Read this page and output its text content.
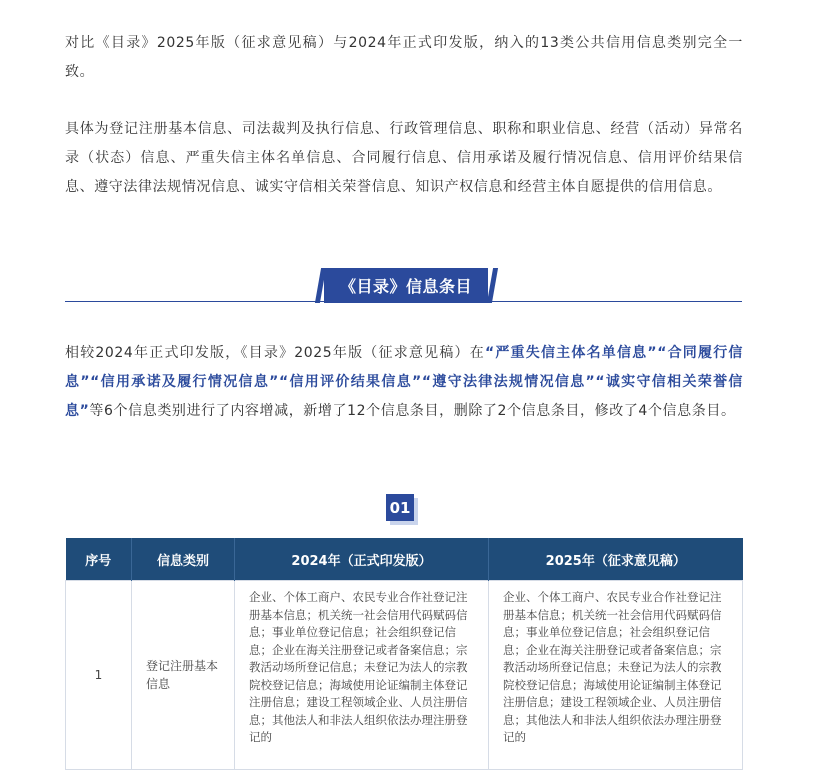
对比《目录》2025年版（征求意见稿）与2024年正式印发版，纳入的13类公共信用信息类别完全一致。

具体为登记注册基本信息、司法裁判及执行信息、行政管理信息、职称和职业信息、经营（活动）异常名录（状态）信息、严重失信主体名单信息、合同履行信息、信用承诺及履行情况信息、信用评价结果信息、遵守法律法规情况信息、诚实守信相关荣誉信息、知识产权信息和经营主体自愿提供的信用信息。

《目录》信息条目

相较2024年正式印发版，《目录》2025年版（征求意见稿）在“严重失信主体名单信息”“合同履行信息”“信用承诺及履行情况信息”“信用评价结果信息”“遵守法律法规情况信息”“诚实守信相关荣誉信息”等6个信息类别进行了内容增减，新增了12个信息条目，删除了2个信息条目，修改了4个信息条目。

01
序号	信息类别	2024年（正式印发版）	2025年（征求意见稿）
1	登记注册基本信息	企业、个体工商户、农民专业合作社登记注册基本信息；机关统一社会信用代码赋码信息；事业单位登记信息；社会组织登记信息；企业在海关注册登记或者备案信息；宗教活动场所登记信息；未登记为法人的宗教院校登记信息；海域使用论证编制主体登记注册信息；建设工程领域企业、人员注册信息；其他法人和非法人组织依法办理注册登记的	企业、个体工商户、农民专业合作社登记注册基本信息；机关统一社会信用代码赋码信息；事业单位登记信息；社会组织登记信息；企业在海关注册登记或者备案信息；宗教活动场所登记信息；未登记为法人的宗教院校登记信息；海域使用论证编制主体登记注册信息；建设工程领域企业、人员注册信息；其他法人和非法人组织依法办理注册登记的
